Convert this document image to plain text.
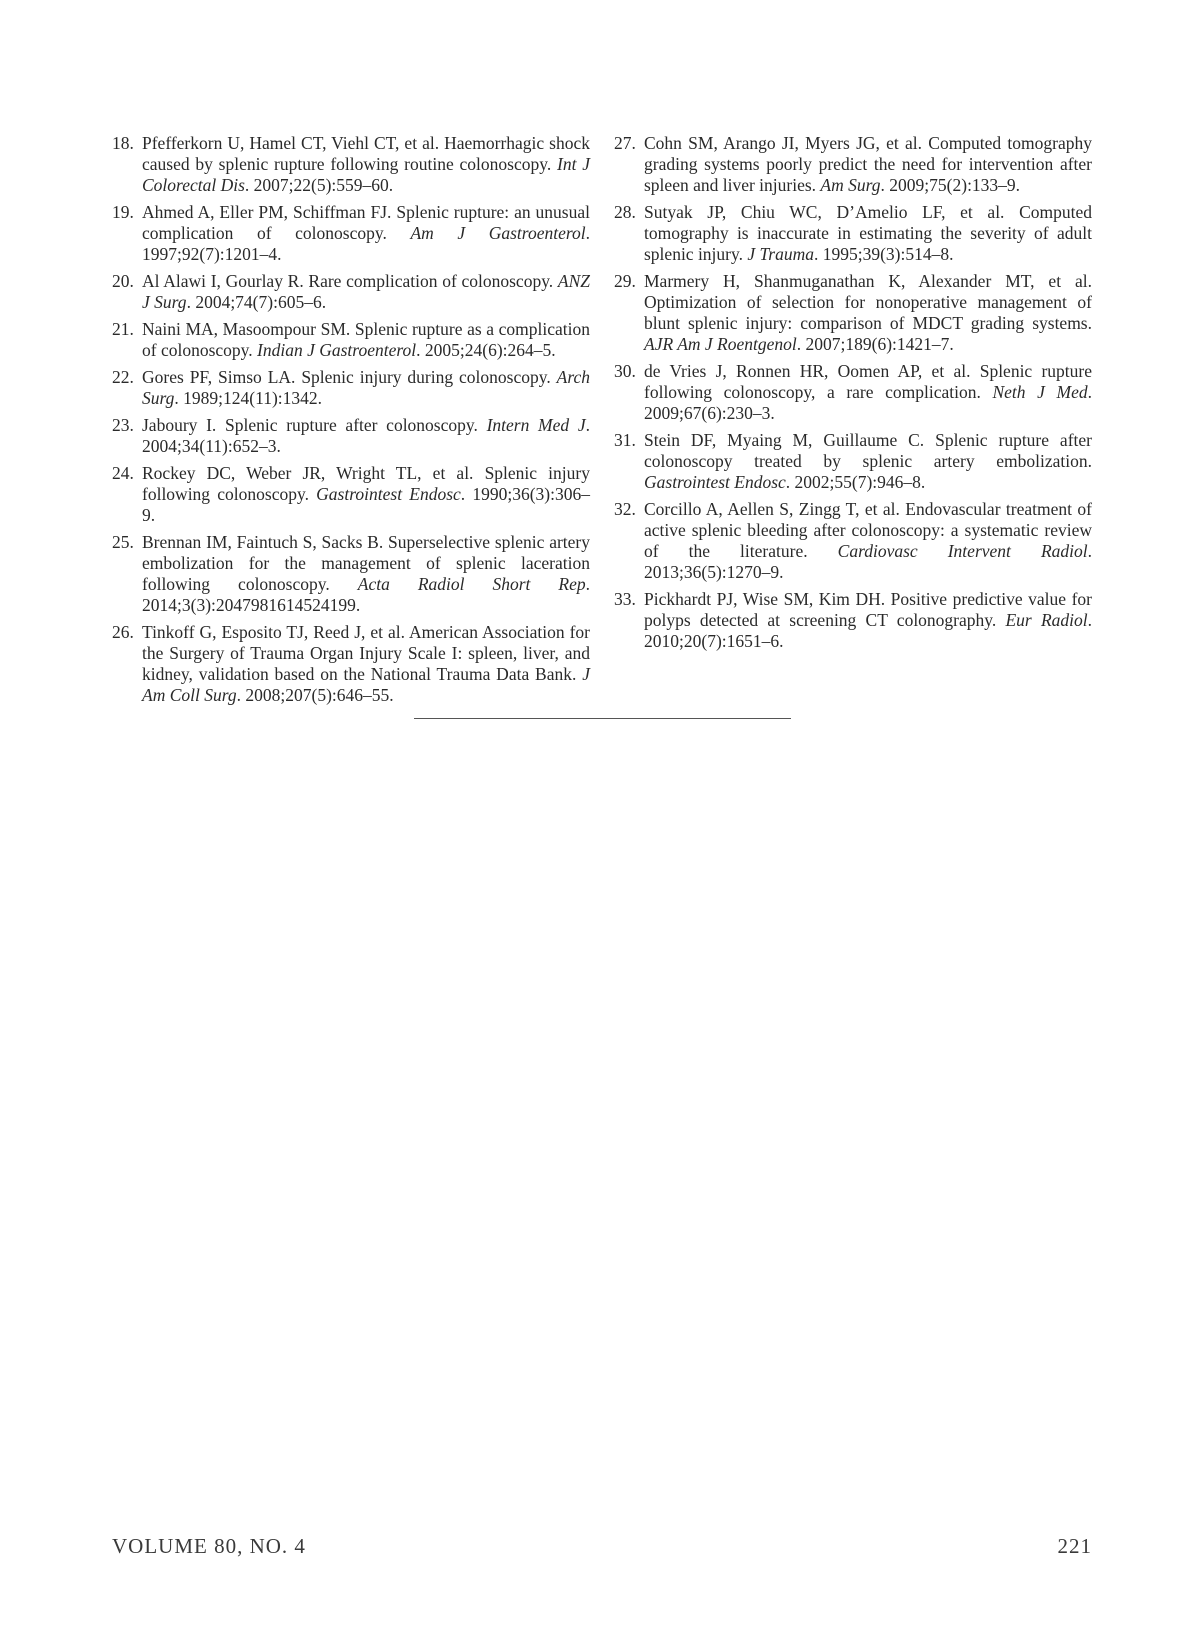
18. Pfefferkorn U, Hamel CT, Viehl CT, et al. Haemorrhagic shock caused by splenic rupture following routine colonoscopy. Int J Colorectal Dis. 2007;22(5):559–60.
19. Ahmed A, Eller PM, Schiffman FJ. Splenic rupture: an unusual complication of colonoscopy. Am J Gastroenterol. 1997;92(7):1201–4.
20. Al Alawi I, Gourlay R. Rare complication of colonoscopy. ANZ J Surg. 2004;74(7):605–6.
21. Naini MA, Masoompour SM. Splenic rupture as a complication of colonoscopy. Indian J Gastroenterol. 2005;24(6):264–5.
22. Gores PF, Simso LA. Splenic injury during colonoscopy. Arch Surg. 1989;124(11):1342.
23. Jaboury I. Splenic rupture after colonoscopy. Intern Med J. 2004;34(11):652–3.
24. Rockey DC, Weber JR, Wright TL, et al. Splenic injury following colonoscopy. Gastrointest Endosc. 1990;36(3):306–9.
25. Brennan IM, Faintuch S, Sacks B. Superselective splenic artery embolization for the management of splenic laceration following colonoscopy. Acta Radiol Short Rep. 2014;3(3):2047981614524199.
26. Tinkoff G, Esposito TJ, Reed J, et al. American Association for the Surgery of Trauma Organ Injury Scale I: spleen, liver, and kidney, validation based on the National Trauma Data Bank. J Am Coll Surg. 2008;207(5):646–55.
27. Cohn SM, Arango JI, Myers JG, et al. Computed tomography grading systems poorly predict the need for intervention after spleen and liver injuries. Am Surg. 2009;75(2):133–9.
28. Sutyak JP, Chiu WC, D’Amelio LF, et al. Computed tomography is inaccurate in estimating the severity of adult splenic injury. J Trauma. 1995;39(3):514–8.
29. Marmery H, Shanmuganathan K, Alexander MT, et al. Optimization of selection for nonoperative management of blunt splenic injury: comparison of MDCT grading systems. AJR Am J Roentgenol. 2007;189(6):1421–7.
30. de Vries J, Ronnen HR, Oomen AP, et al. Splenic rupture following colonoscopy, a rare complication. Neth J Med. 2009;67(6):230–3.
31. Stein DF, Myaing M, Guillaume C. Splenic rupture after colonoscopy treated by splenic artery embolization. Gastrointest Endosc. 2002;55(7):946–8.
32. Corcillo A, Aellen S, Zingg T, et al. Endovascular treatment of active splenic bleeding after colonoscopy: a systematic review of the literature. Cardiovasc Intervent Radiol. 2013;36(5):1270–9.
33. Pickhardt PJ, Wise SM, Kim DH. Positive predictive value for polyps detected at screening CT colonography. Eur Radiol. 2010;20(7):1651–6.
VOLUME 80, NO. 4	221
